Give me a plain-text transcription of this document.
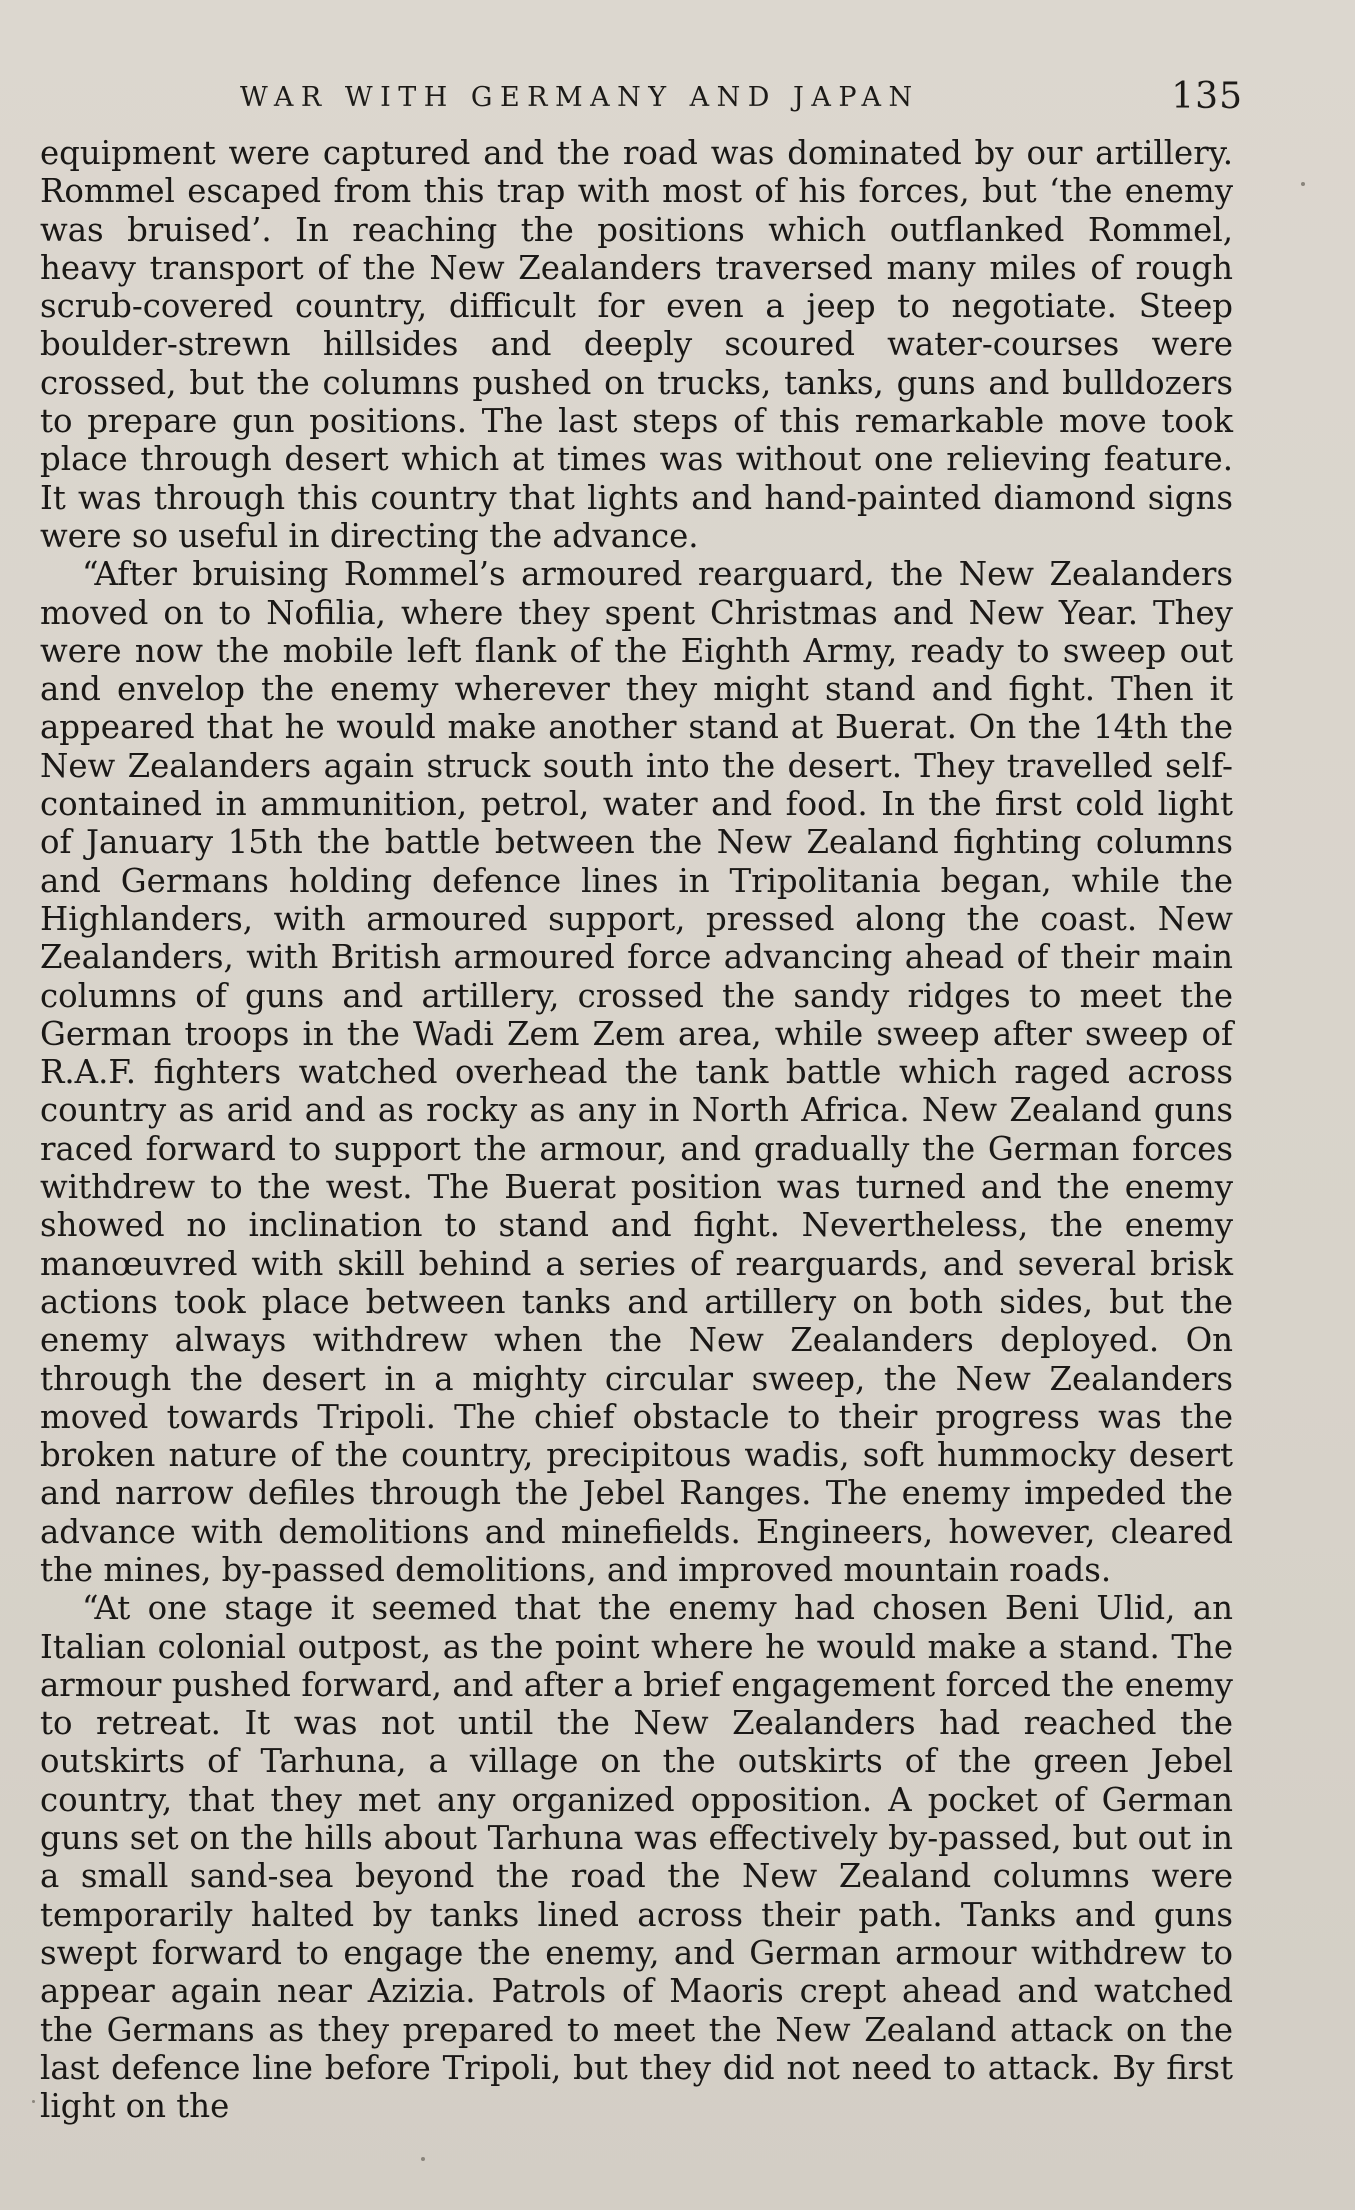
WAR WITH GERMANY AND JAPAN	135

equipment were captured and the road was dominated by our artillery. Rommel escaped from this trap with most of his forces, but ‘the enemy was bruised’. In reaching the positions which outflanked Rommel, heavy transport of the New Zealanders traversed many miles of rough scrub-covered country, difficult for even a jeep to negotiate. Steep boulder-strewn hillsides and deeply scoured water-courses were crossed, but the columns pushed on trucks, tanks, guns and bulldozers to prepare gun positions. The last steps of this remarkable move took place through desert which at times was without one relieving feature. It was through this country that lights and hand-painted diamond signs were so useful in directing the advance.

“After bruising Rommel’s armoured rearguard, the New Zealanders moved on to Nofilia, where they spent Christmas and New Year. They were now the mobile left flank of the Eighth Army, ready to sweep out and envelop the enemy wherever they might stand and fight. Then it appeared that he would make another stand at Buerat. On the 14th the New Zealanders again struck south into the desert. They travelled self-contained in ammunition, petrol, water and food. In the first cold light of January 15th the battle between the New Zealand fighting columns and Germans holding defence lines in Tripolitania began, while the Highlanders, with armoured support, pressed along the coast. New Zealanders, with British armoured force advancing ahead of their main columns of guns and artillery, crossed the sandy ridges to meet the German troops in the Wadi Zem Zem area, while sweep after sweep of R.A.F. fighters watched overhead the tank battle which raged across country as arid and as rocky as any in North Africa. New Zealand guns raced forward to support the armour, and gradually the German forces withdrew to the west. The Buerat position was turned and the enemy showed no inclination to stand and fight. Nevertheless, the enemy manœuvred with skill behind a series of rearguards, and several brisk actions took place between tanks and artillery on both sides, but the enemy always withdrew when the New Zealanders deployed. On through the desert in a mighty circular sweep, the New Zealanders moved towards Tripoli. The chief obstacle to their progress was the broken nature of the country, precipitous wadis, soft hummocky desert and narrow defiles through the Jebel Ranges. The enemy impeded the advance with demolitions and minefields. Engineers, however, cleared the mines, by-passed demolitions, and improved mountain roads.

“At one stage it seemed that the enemy had chosen Beni Ulid, an Italian colonial outpost, as the point where he would make a stand. The armour pushed forward, and after a brief engagement forced the enemy to retreat. It was not until the New Zealanders had reached the outskirts of Tarhuna, a village on the outskirts of the green Jebel country, that they met any organized opposition. A pocket of German guns set on the hills about Tarhuna was effectively by-passed, but out in a small sand-sea beyond the road the New Zealand columns were temporarily halted by tanks lined across their path. Tanks and guns swept forward to engage the enemy, and German armour withdrew to appear again near Azizia. Patrols of Maoris crept ahead and watched the Germans as they prepared to meet the New Zealand attack on the last defence line before Tripoli, but they did not need to attack. By first light on the
